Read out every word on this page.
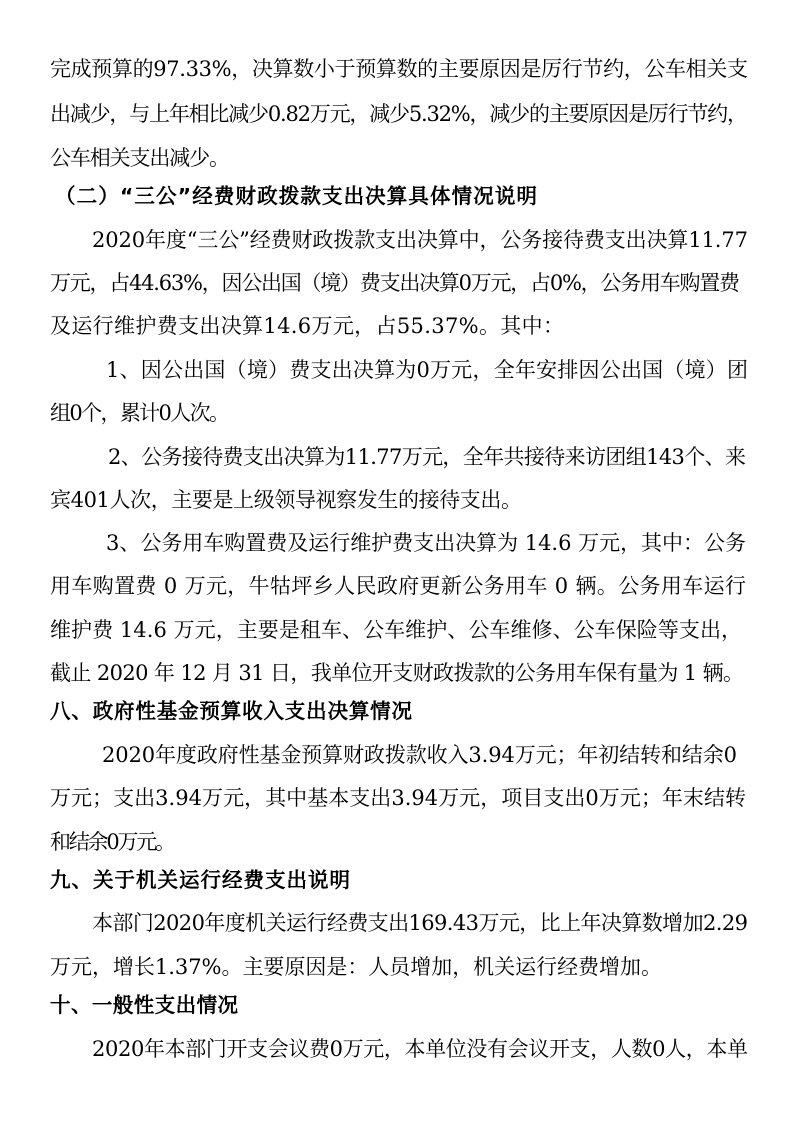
完成预算的97.33%，决算数小于预算数的主要原因是厉行节约，公车相关支
出减少，与上年相比减少0.82万元，减少5.32%，减少的主要原因是厉行节约，
公车相关支出减少。
（二）“三公”经费财政拨款支出决算具体情况说明
2020年度“三公”经费财政拨款支出决算中，公务接待费支出决算11.77
万元，占44.63%，因公出国（境）费支出决算0万元，占0%，公务用车购置费
及运行维护费支出决算14.6万元，占55.37%。其中：
1、因公出国（境）费支出决算为0万元，全年安排因公出国（境）团
组0个，累计0人次。
2、公务接待费支出决算为11.77万元，全年共接待来访团组143个、来
宾401人次，主要是上级领导视察发生的接待支出。
3、公务用车购置费及运行维护费支出决算为 14.6 万元，其中：公务
用车购置费 0 万元，牛牯坪乡人民政府更新公务用车 0 辆。公务用车运行
维护费 14.6 万元，主要是租车、公车维护、公车维修、公车保险等支出，
截止 2020 年 12 月 31 日，我单位开支财政拨款的公务用车保有量为 1 辆。
八、政府性基金预算收入支出决算情况
2020年度政府性基金预算财政拨款收入3.94万元；年初结转和结余0
万元；支出3.94万元，其中基本支出3.94万元，项目支出0万元；年末结转
和结余0万元。
九、关于机关运行经费支出说明
本部门2020年度机关运行经费支出169.43万元，比上年决算数增加2.29
万元，增长1.37%。主要原因是：人员增加，机关运行经费增加。
十、一般性支出情况
2020年本部门开支会议费0万元，本单位没有会议开支，人数0人，本单
